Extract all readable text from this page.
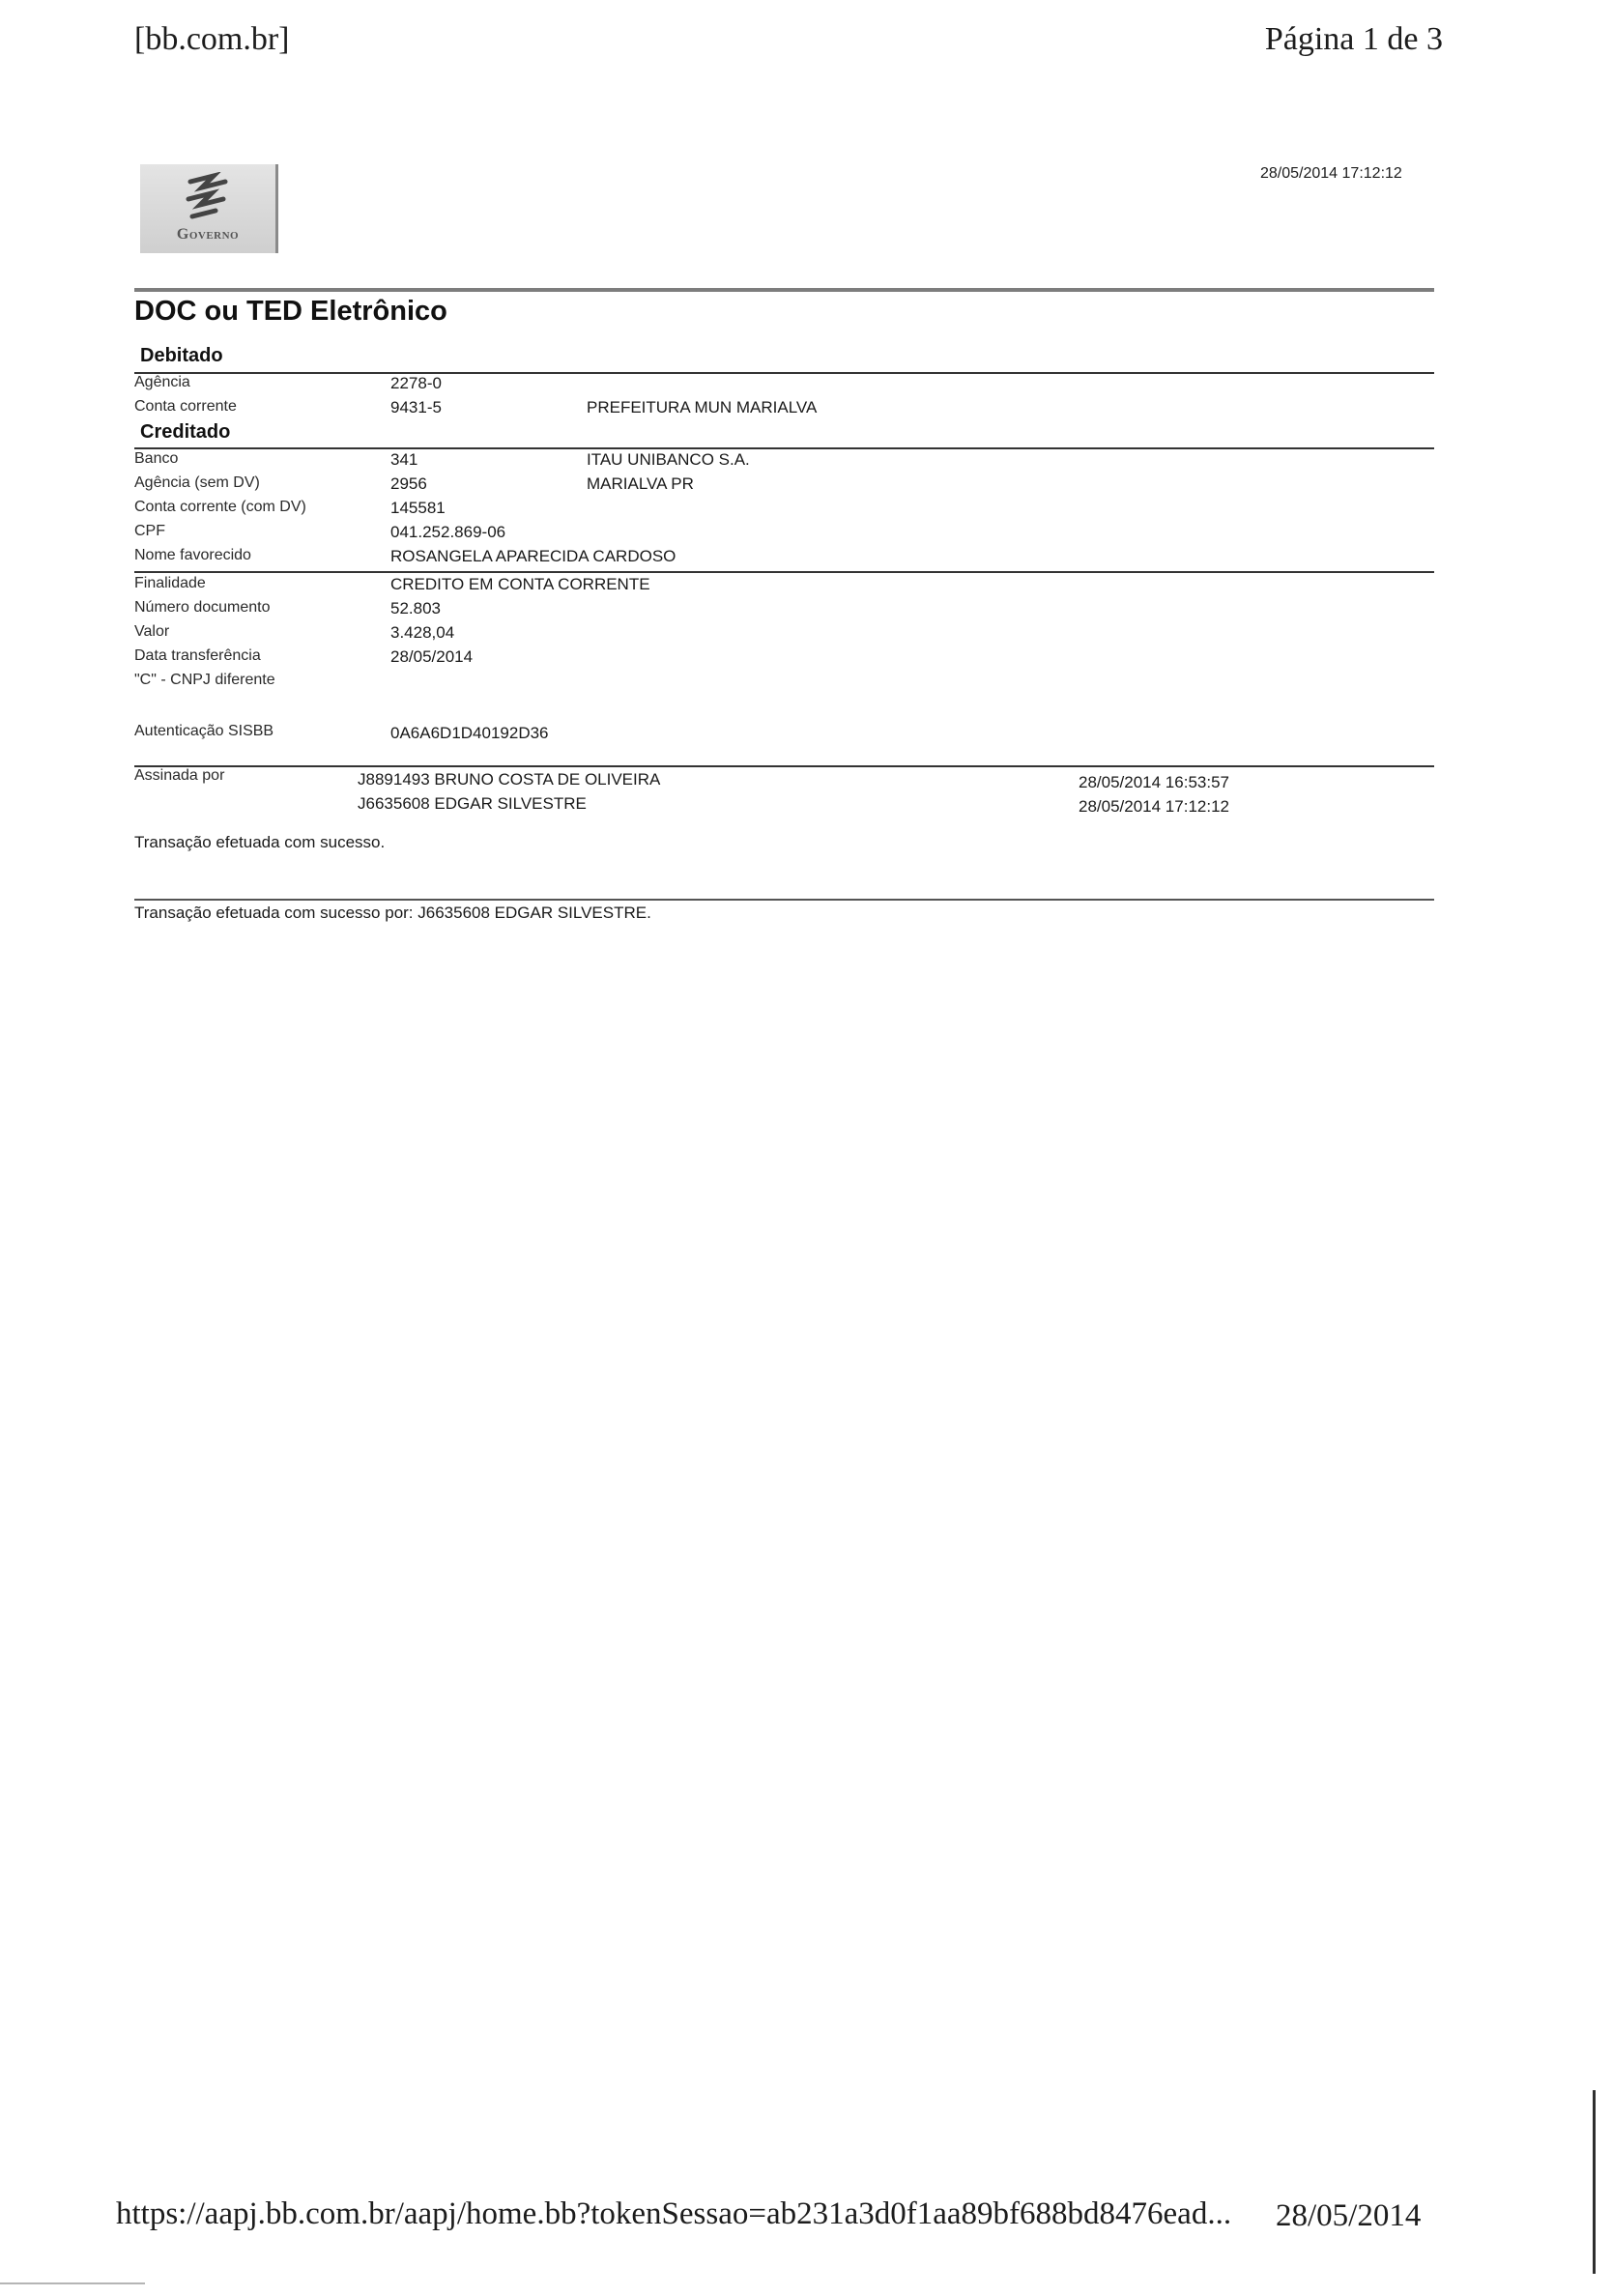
[bb.com.br]	Página 1 de 3
Governo
28/05/2014 17:12:12
DOC ou TED Eletrônico
Debitado
Agência	2278-0
Conta corrente	9431-5	PREFEITURA MUN MARIALVA
Creditado
Banco	341	ITAU UNIBANCO S.A.
Agência (sem DV)	2956	MARIALVA PR
Conta corrente (com DV)	145581
CPF	041.252.869-06
Nome favorecido	ROSANGELA APARECIDA CARDOSO
Finalidade	CREDITO EM CONTA CORRENTE
Número documento	52.803
Valor	3.428,04
Data transferência	28/05/2014
"C" - CNPJ diferente
Autenticação SISBB	0A6A6D1D40192D36
Assinada por	J8891493 BRUNO COSTA DE OLIVEIRA	28/05/2014 16:53:57
J6635608 EDGAR SILVESTRE	28/05/2014 17:12:12
Transação efetuada com sucesso.
Transação efetuada com sucesso por: J6635608 EDGAR SILVESTRE.
https://aapj.bb.com.br/aapj/home.bb?tokenSessao=ab231a3d0f1aa89bf688bd8476ead... 28/05/2014
